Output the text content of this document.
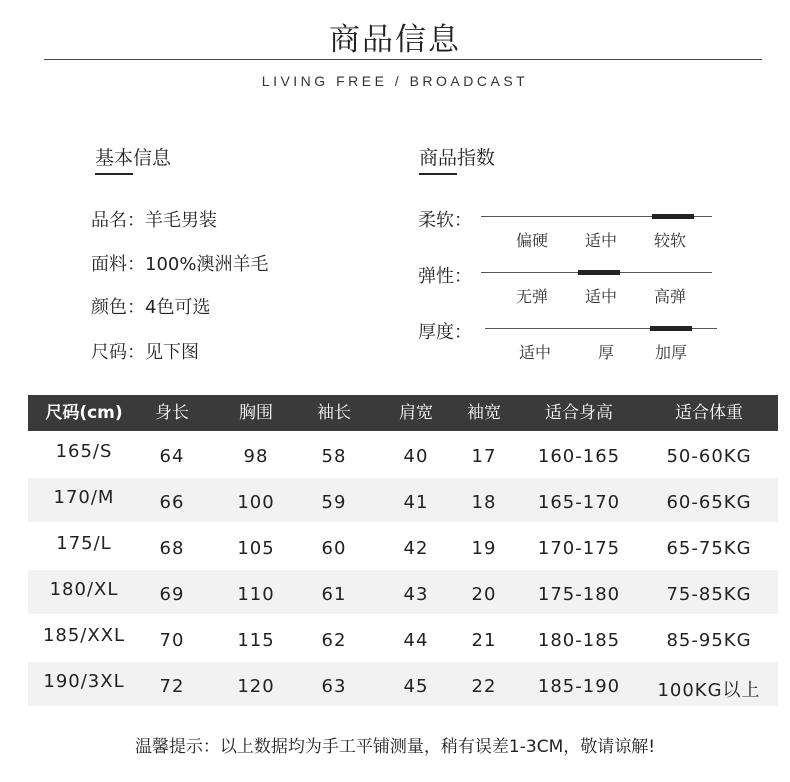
商品信息
LIVING FREE / BROADCAST
基本信息
品名：羊毛男装
面料：100%澳洲羊毛
颜色：4色可选
尺码：见下图
商品指数
柔软：
偏硬	适中	较软
弹性：
无弹	适中	高弹
厚度：
适中	厚	加厚
尺码(cm)	身长	胸围	袖长	肩宽	袖宽	适合身高	适合体重
165/S	64	98	58	40	17	160-165	50-60KG
170/M	66	100	59	41	18	165-170	60-65KG
175/L	68	105	60	42	19	170-175	65-75KG
180/XL	69	110	61	43	20	175-180	75-85KG
185/XXL	70	115	62	44	21	180-185	85-95KG
190/3XL	72	120	63	45	22	185-190	100KG以上
温馨提示：以上数据均为手工平铺测量，稍有误差1-3CM，敬请谅解!
